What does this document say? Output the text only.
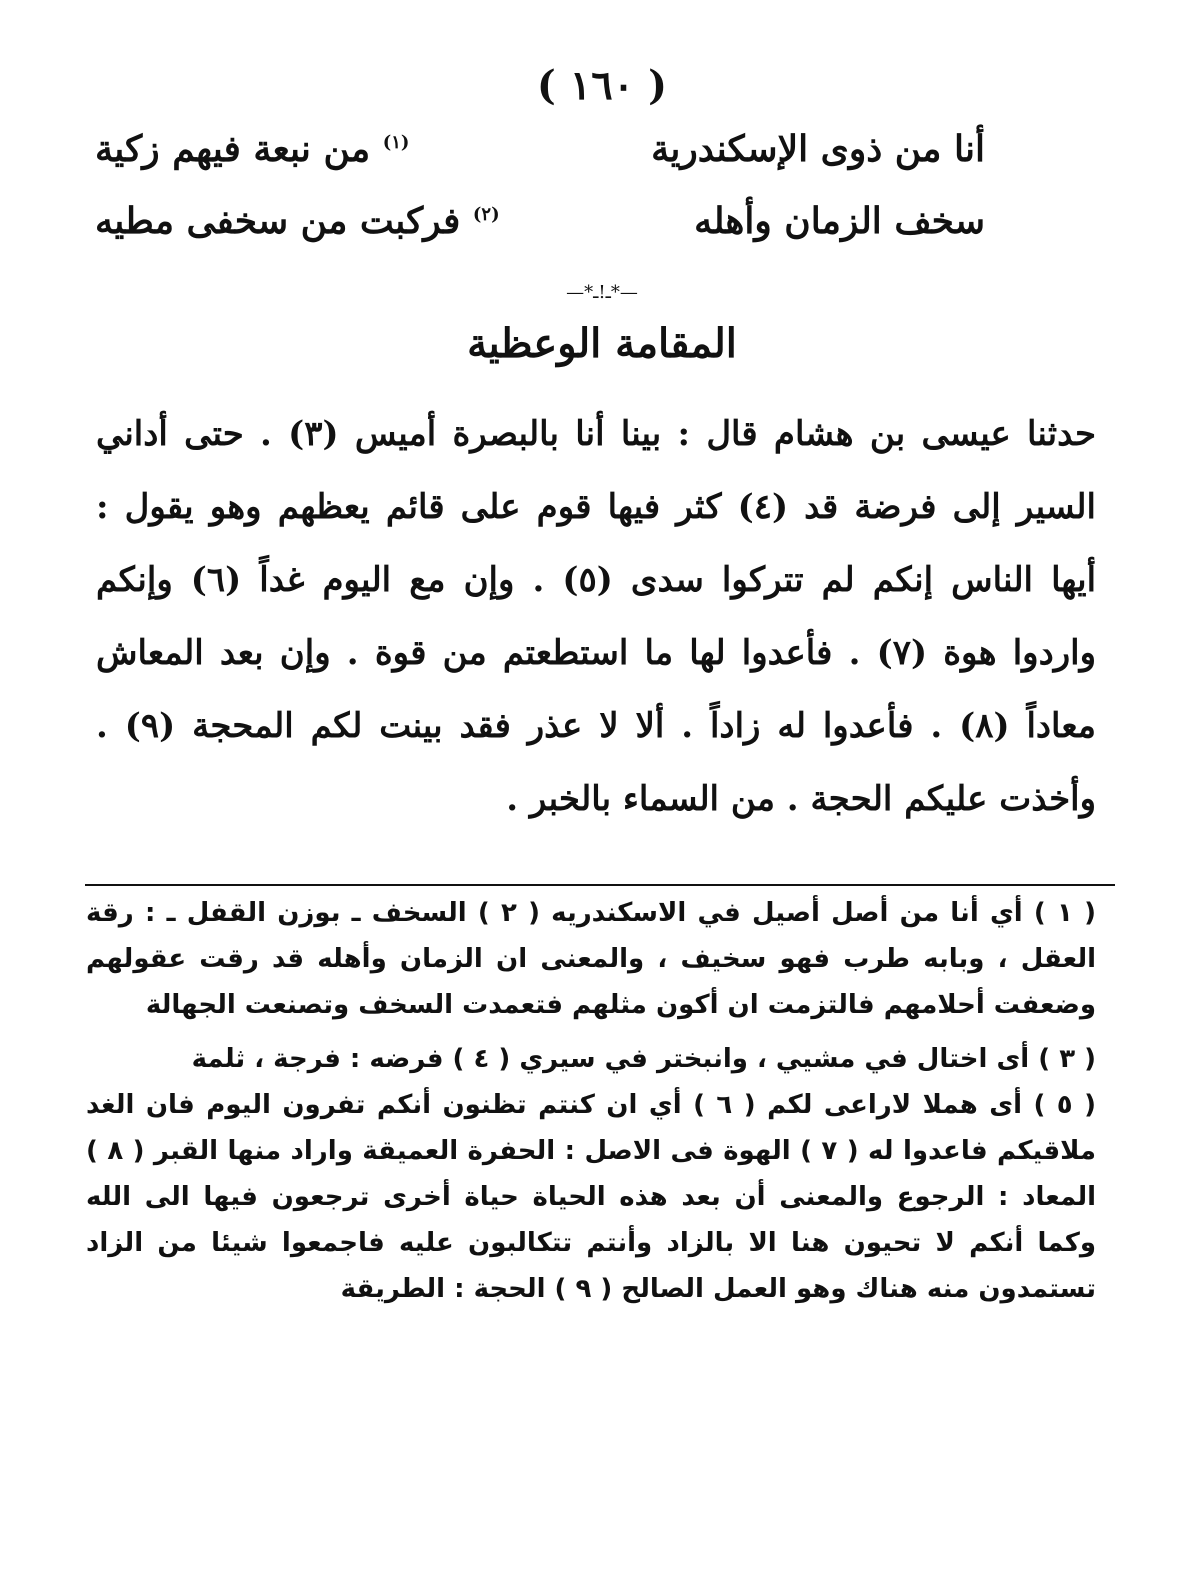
( ١٦٠ )
أنا من ذوى الإسكندرية
$^{(١)}$ من نبعة فيهم زكية
سخف الزمان وأهله
$^{(٢)}$ فركبت من سخفى مطيه
—*ـ!ـ*—
المقامة الوعظية
حدثنا عيسى بن هشام قال : بينا أنا بالبصرة أميس (٣) . حتى أداني السير إلى فرضة قد (٤) كثر فيها قوم على قائم يعظهم وهو يقول : أيها الناس إنكم لم تتركوا سدى (٥) . وإن مع اليوم غداً (٦) وإنكم واردوا هوة (٧) . فأعدوا لها ما استطعتم من قوة . وإن بعد المعاش معاداً (٨) . فأعدوا له زاداً . ألا لا عذر فقد بينت لكم المحجة (٩) . وأخذت عليكم الحجة . من السماء بالخبر .

( ١ ) أي أنا من أصل أصيل في الاسكندريه ( ٢ ) السخف ـ بوزن القفل ـ : رقة العقل ، وبابه طرب فهو سخيف ، والمعنى ان الزمان وأهله قد رقت عقولهم وضعفت أحلامهم فالتزمت ان أكون مثلهم فتعمدت السخف وتصنعت الجهالة

( ٣ ) أى اختال في مشيي ، وانبختر في سيري ( ٤ ) فرضه : فرجة ، ثلمة

( ٥ ) أى هملا لاراعى لكم ( ٦ ) أي ان كنتم تظنون أنكم تفرون اليوم فان الغد ملاقيكم فاعدوا له ( ٧ ) الهوة فى الاصل : الحفرة العميقة واراد منها القبر ( ٨ ) المعاد : الرجوع والمعنى أن بعد هذه الحياة حياة أخرى ترجعون فيها الى الله وكما أنكم لا تحيون هنا الا بالزاد وأنتم تتكالبون عليه فاجمعوا شيئا من الزاد تستمدون منه هناك وهو العمل الصالح ( ٩ ) الحجة : الطريقة
